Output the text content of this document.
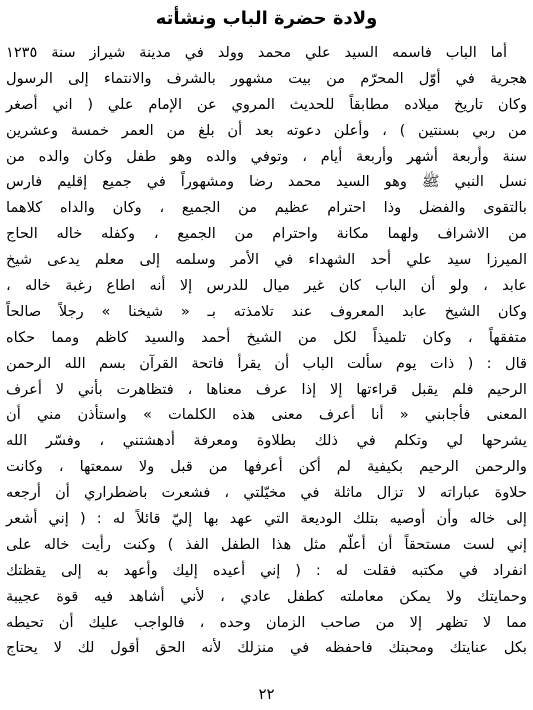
ولادة حضرة الباب ونشأته
أما الباب فاسمه السيد علي محمد وولد في مدينة شيراز سنة ١٢٣٥
هجرية في أوّل المحرّم من بيت مشهور بالشرف والانتماء إلى الرسول
وكان تاريخ ميلاده مطابقاً للحديث المروي عن الإمام علي ( اني أصغر
من ربي بسنتين ) ، وأعلن دعوته بعد أن بلغ من العمر خمسة وعشرين
سنة وأربعة أشهر وأربعة أيام ، وتوفي والده وهو طفل وكان والده من
نسل النبي ﷺ وهو السيد محمد رضا ومشهوراً في جميع إقليم فارس
بالتقوى والفضل وذا احترام عظيم من الجميع ، وكان والداه كلاهما
من الاشراف ولهما مكانة واحترام من الجميع ، وكفله خاله الحاج
الميرزا سيد علي أحد الشهداء في الأمر وسلمه إلى معلم يدعى شيخ
عابد ، ولو أن الباب كان غير ميال للدرس إلا أنه اطاع رغبة خاله ،
وكان الشيخ عابد المعروف عند تلامذته بـ « شيخنا » رجلاً صالحاً
متفقهاً ، وكان تلميذاً لكل من الشيخ أحمد والسيد كاظم ومما حكاه
قال : ( ذات يوم سألت الباب أن يقرأ فاتحة القرآن بسم الله الرحمن
الرحيم فلم يقبل قراءتها إلا إذا عرف معناها ، فتظاهرت بأني لا أعرف
المعنى فأجابني « أنا أعرف معنى هذه الكلمات » واستأذن مني أن
يشرحها لي وتكلم في ذلك بطلاوة ومعرفة أدهشتني ، وفسّر الله
والرحمن الرحيم بكيفية لم أكن أعرفها من قبل ولا سمعتها ، وكانت
حلاوة عباراته لا تزال ماثلة في مخيّلتي ، فشعرت باضطراري أن أرجعه
إلى خاله وأن أوصيه بتلك الوديعة التي عهد بها إليّ قائلاً له : ( إني أشعر
إني لست مستحقاً أن أعلّم مثل هذا الطفل الفذ ) وكنت رأيت خاله على
انفراد في مكتبه فقلت له : ( إني أعيده إليك وأعهد به إلى يقظتك
وحمايتك ولا يمكن معاملته كطفل عادي ، لأني أشاهد فيه قوة عجيبة
مما لا تظهر إلا من صاحب الزمان وحده ، فالواجب عليك أن تحيطه
بكل عنايتك ومحبتك فاحفظه في منزلك لأنه الحق أقول لك لا يحتاج
٢٢
